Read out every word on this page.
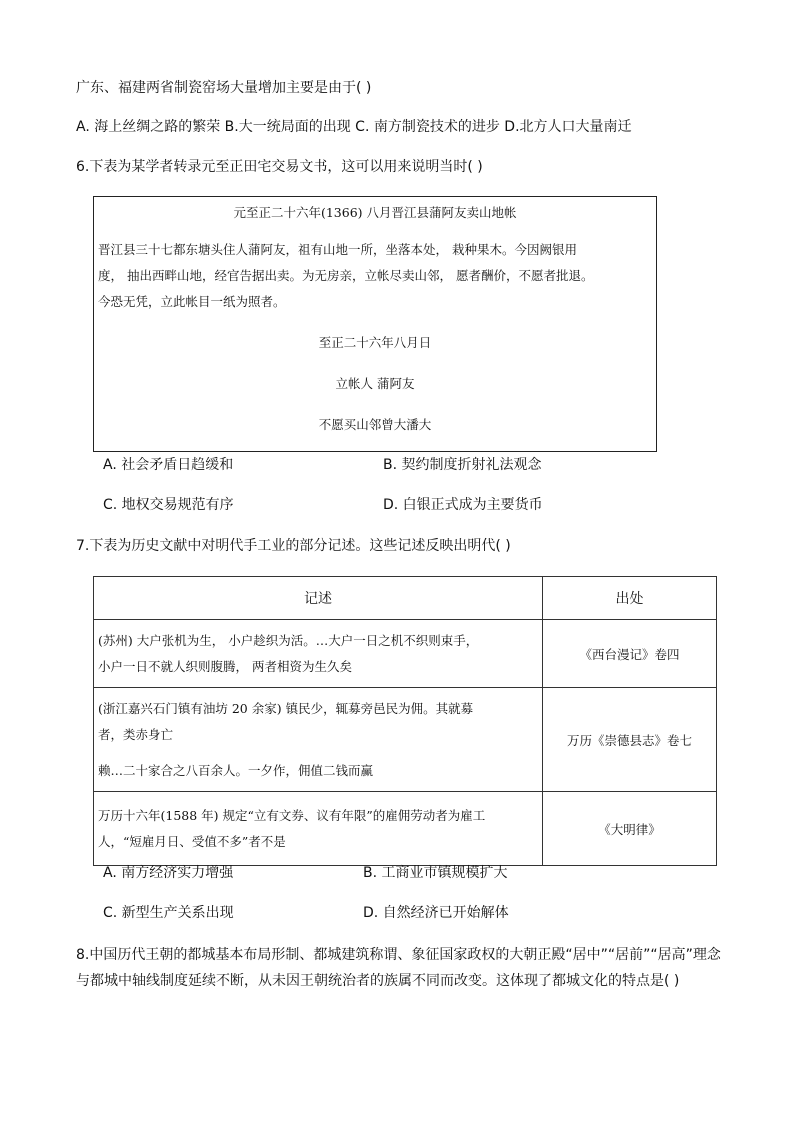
广东、福建两省制瓷窑场大量增加主要是由于( )
A. 海上丝绸之路的繁荣 B.大一统局面的出现 C. 南方制瓷技术的进步 D.北方人口大量南迁
6.下表为某学者转录元至正田宅交易文书，这可以用来说明当时( )
元至正二十六年(1366) 八月晋江县蒲阿友卖山地帐

晋江县三十七都东塘头住人蒲阿友，祖有山地一所，坐落本处， 栽种果木。今因阙银用

度， 抽出西畔山地，经官告据出卖。为无房亲，立帐尽卖山邻， 愿者酬价，不愿者批退。

今恐无凭，立此帐目一纸为照者。

至正二十六年八月日
立帐人 蒲阿友
不愿买山邻曾大潘大
A. 社会矛盾日趋缓和	B. 契约制度折射礼法观念
C. 地权交易规范有序	D. 白银正式成为主要货币
7.下表为历史文献中对明代手工业的部分记述。这些记述反映出明代( )
记述	出处

(苏州) 大户张机为生， 小户趁织为活。…大户一日之机不织则束手，

小户一日不就人织则腹腾， 两者相资为生久矣	《西台漫记》卷四

(浙江嘉兴石门镇有油坊 20 余家) 镇民少，辄募旁邑民为佣。其就募

者，类赤身亡

赖…二十家合之八百余人。一夕作，佣值二钱而赢	万历《崇德县志》卷七

万历十六年(1588 年) 规定“立有文券、议有年限”的雇佣劳动者为雇工

人，“短雇月日、受值不多”者不是	《大明律》
A. 南方经济实力增强	B. 工商业市镇规模扩大
C. 新型生产关系出现	D. 自然经济已开始解体
8.中国历代王朝的都城基本布局形制、都城建筑称谓、象征国家政权的大朝正殿“居中”“居前”“居高”理念与都城中轴线制度延续不断，从未因王朝统治者的族属不同而改变。这体现了都城文化的特点是( )
